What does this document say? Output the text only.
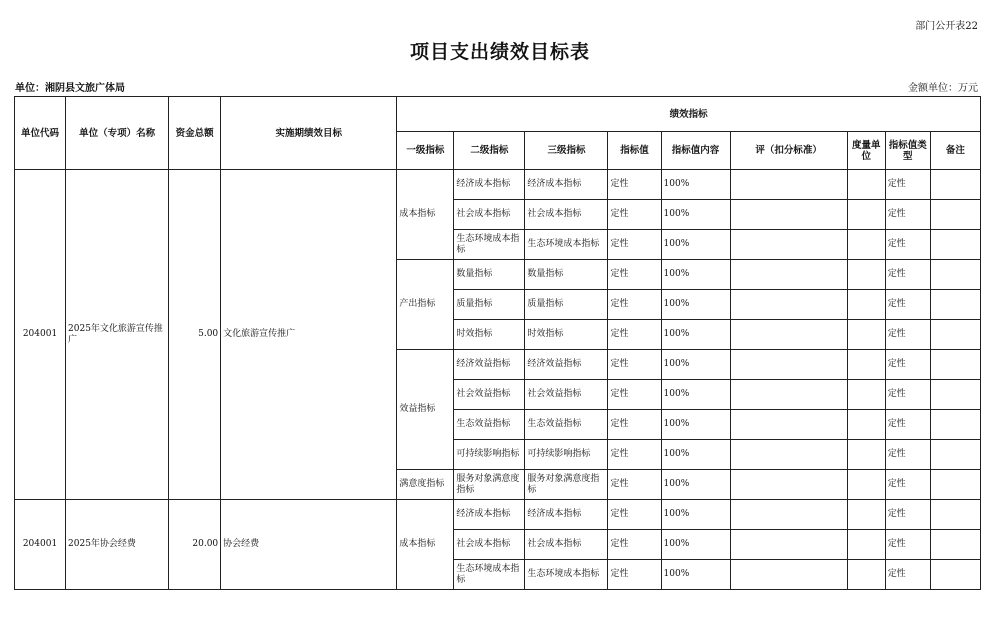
部门公开表22
项目支出绩效目标表
单位：湘阴县文旅广体局	金额单位：万元
单位代码	单位（专项）名称	资金总额	实施期绩效目标	绩效指标								
				一级指标	二级指标	三级指标	指标值	指标值内容	评（扣分标准）	度量单位	指标值类型	备注
204001	2025年文化旅游宣传推广	5.00	文化旅游宣传推广	成本指标	经济成本指标	经济成本指标	定性	100%			定性	
					社会成本指标	社会成本指标	定性	100%			定性	
					生态环境成本指标	生态环境成本指标	定性	100%			定性	
				产出指标	数量指标	数量指标	定性	100%			定性	
					质量指标	质量指标	定性	100%			定性	
					时效指标	时效指标	定性	100%			定性	
				效益指标	经济效益指标	经济效益指标	定性	100%			定性	
					社会效益指标	社会效益指标	定性	100%			定性	
					生态效益指标	生态效益指标	定性	100%			定性	
					可持续影响指标	可持续影响指标	定性	100%			定性	
				满意度指标	服务对象满意度指标	服务对象满意度指标	定性	100%			定性	
204001	2025年协会经费	20.00	协会经费	成本指标	经济成本指标	经济成本指标	定性	100%			定性	
					社会成本指标	社会成本指标	定性	100%			定性	
					生态环境成本指标	生态环境成本指标	定性	100%			定性	
